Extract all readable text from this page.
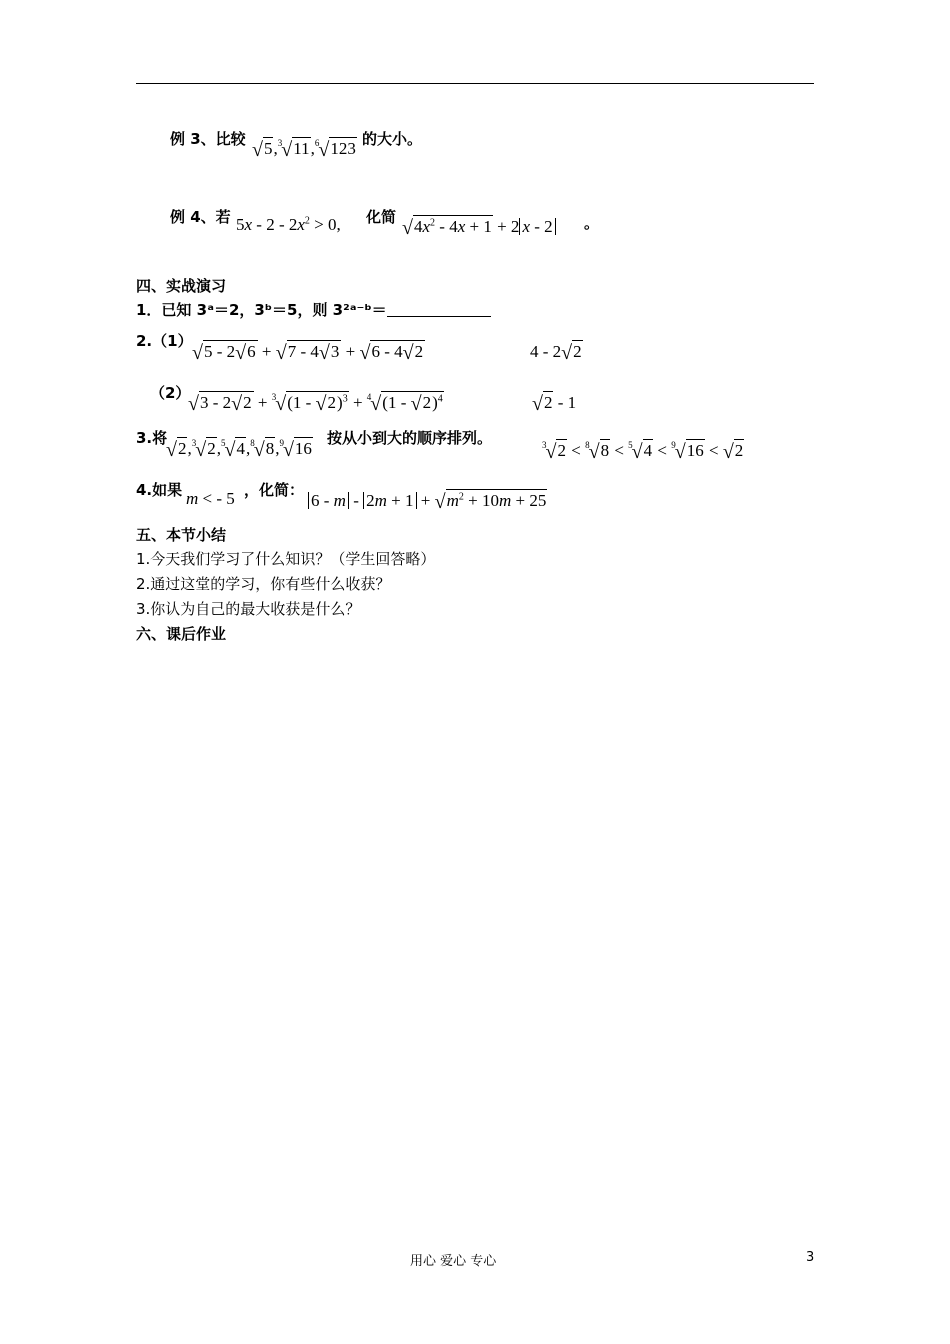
例 3、比较 √5,$^3$√11,$^6$√123 的大小。
例 4、若 $5x - 2 - 2x^2 > 0$, 化简 $√4x^2 - 4x + 1 + 2$ x - 2 。
四、实战演习
1．已知 3ᵃ＝2，3ᵇ＝5，则 3²ᵃ⁻ᵇ＝
2.（1）
√5 - 2√6 + √7 - 4√3 + √6 - 4√2	4 - 2√2
（2）
√3 - 2√2 + $^3$√(1 - √2)$^3$ + $^4$√(1 - √2)$^4$	√2 - 1
3.将
√2,$^3$√2,$^5$√4,$^8$√8,$^9$√16
按从小到大的顺序排列。	$^3$√2 < $^8$√8 < $^5$√4 < $^9$√16 < √2
4.如果 m < - 5 ，化简：
$6 - m - 2m + 1 + √m^2 + 10m + 25$
五、本节小结
1.今天我们学习了什么知识？（学生回答略）
2.通过这堂的学习，你有些什么收获？
3.你认为自己的最大收获是什么？
六、课后作业
用心 爱心 专心	3
